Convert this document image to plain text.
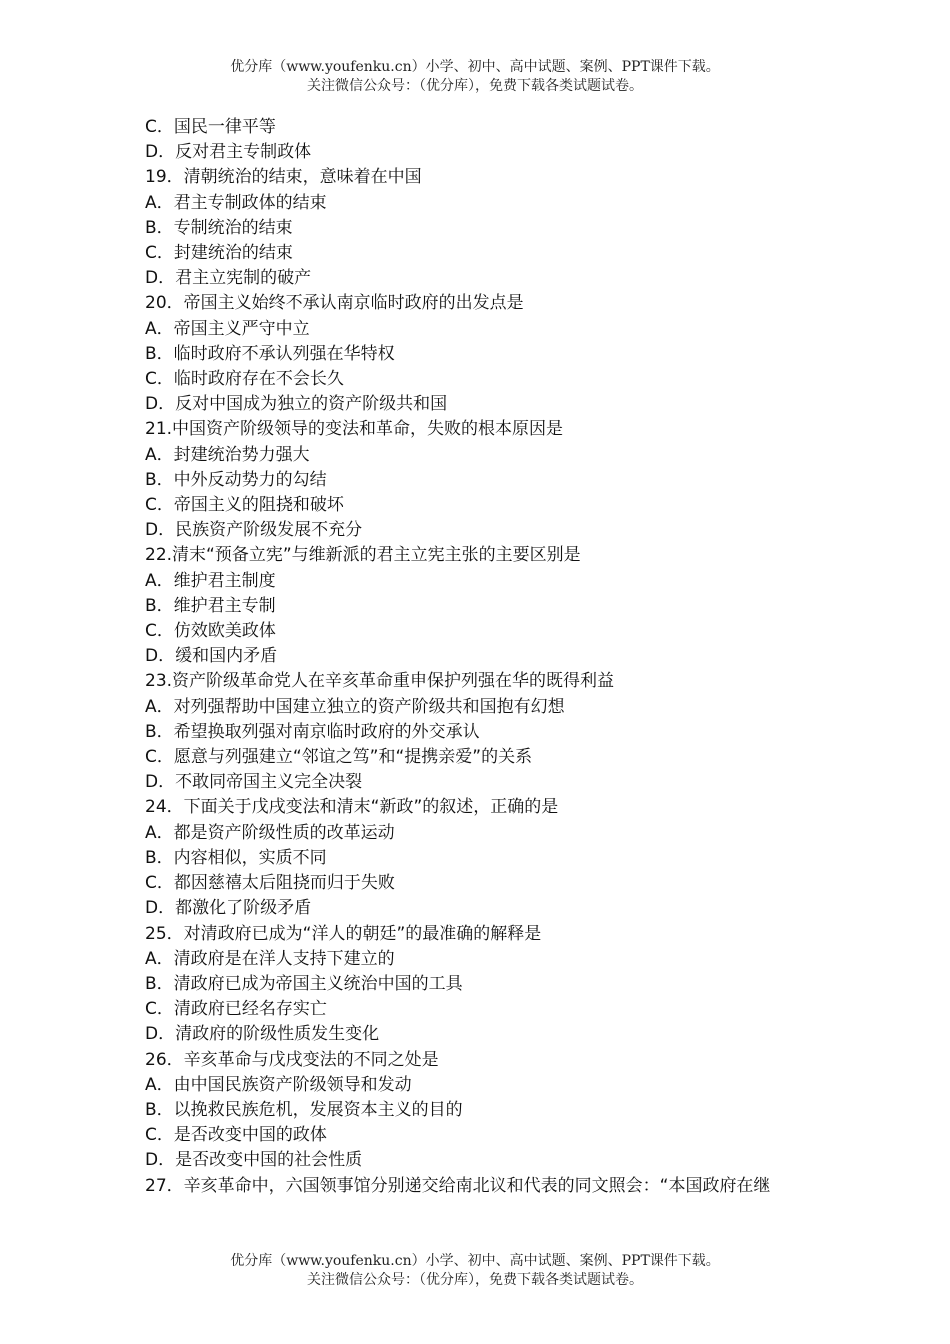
优分库（www.youfenku.cn）小学、初中、高中试题、案例、PPT课件下载。
关注微信公众号：（优分库），免费下载各类试题试卷。
C．国民一律平等
D．反对君主专制政体
19．清朝统治的结束，意味着在中国
A．君主专制政体的结束
B．专制统治的结束
C．封建统治的结束
D．君主立宪制的破产
20．帝国主义始终不承认南京临时政府的出发点是
A．帝国主义严守中立
B．临时政府不承认列强在华特权
C．临时政府存在不会长久
D．反对中国成为独立的资产阶级共和国
21.中国资产阶级领导的变法和革命，失败的根本原因是
A．封建统治势力强大
B．中外反动势力的勾结
C．帝国主义的阻挠和破坏
D．民族资产阶级发展不充分
22.清末“预备立宪”与维新派的君主立宪主张的主要区别是
A．维护君主制度
B．维护君主专制
C．仿效欧美政体
D．缓和国内矛盾
23.资产阶级革命党人在辛亥革命重申保护列强在华的既得利益
A．对列强帮助中国建立独立的资产阶级共和国抱有幻想
B．希望换取列强对南京临时政府的外交承认
C．愿意与列强建立“邻谊之笃”和“提携亲爱”的关系
D．不敢同帝国主义完全决裂
24．下面关于戊戌变法和清末“新政”的叙述，正确的是
A．都是资产阶级性质的改革运动
B．内容相似，实质不同
C．都因慈禧太后阻挠而归于失败
D．都激化了阶级矛盾
25．对清政府已成为“洋人的朝廷”的最准确的解释是
A．清政府是在洋人支持下建立的
B．清政府已成为帝国主义统治中国的工具
C．清政府已经名存实亡
D．清政府的阶级性质发生变化
26．辛亥革命与戊戌变法的不同之处是
A．由中国民族资产阶级领导和发动
B．以挽救民族危机，发展资本主义的目的
C．是否改变中国的政体
D．是否改变中国的社会性质
27．辛亥革命中，六国领事馆分别递交给南北议和代表的同文照会：“本国政府在继
优分库（www.youfenku.cn）小学、初中、高中试题、案例、PPT课件下载。
关注微信公众号：（优分库），免费下载各类试题试卷。
